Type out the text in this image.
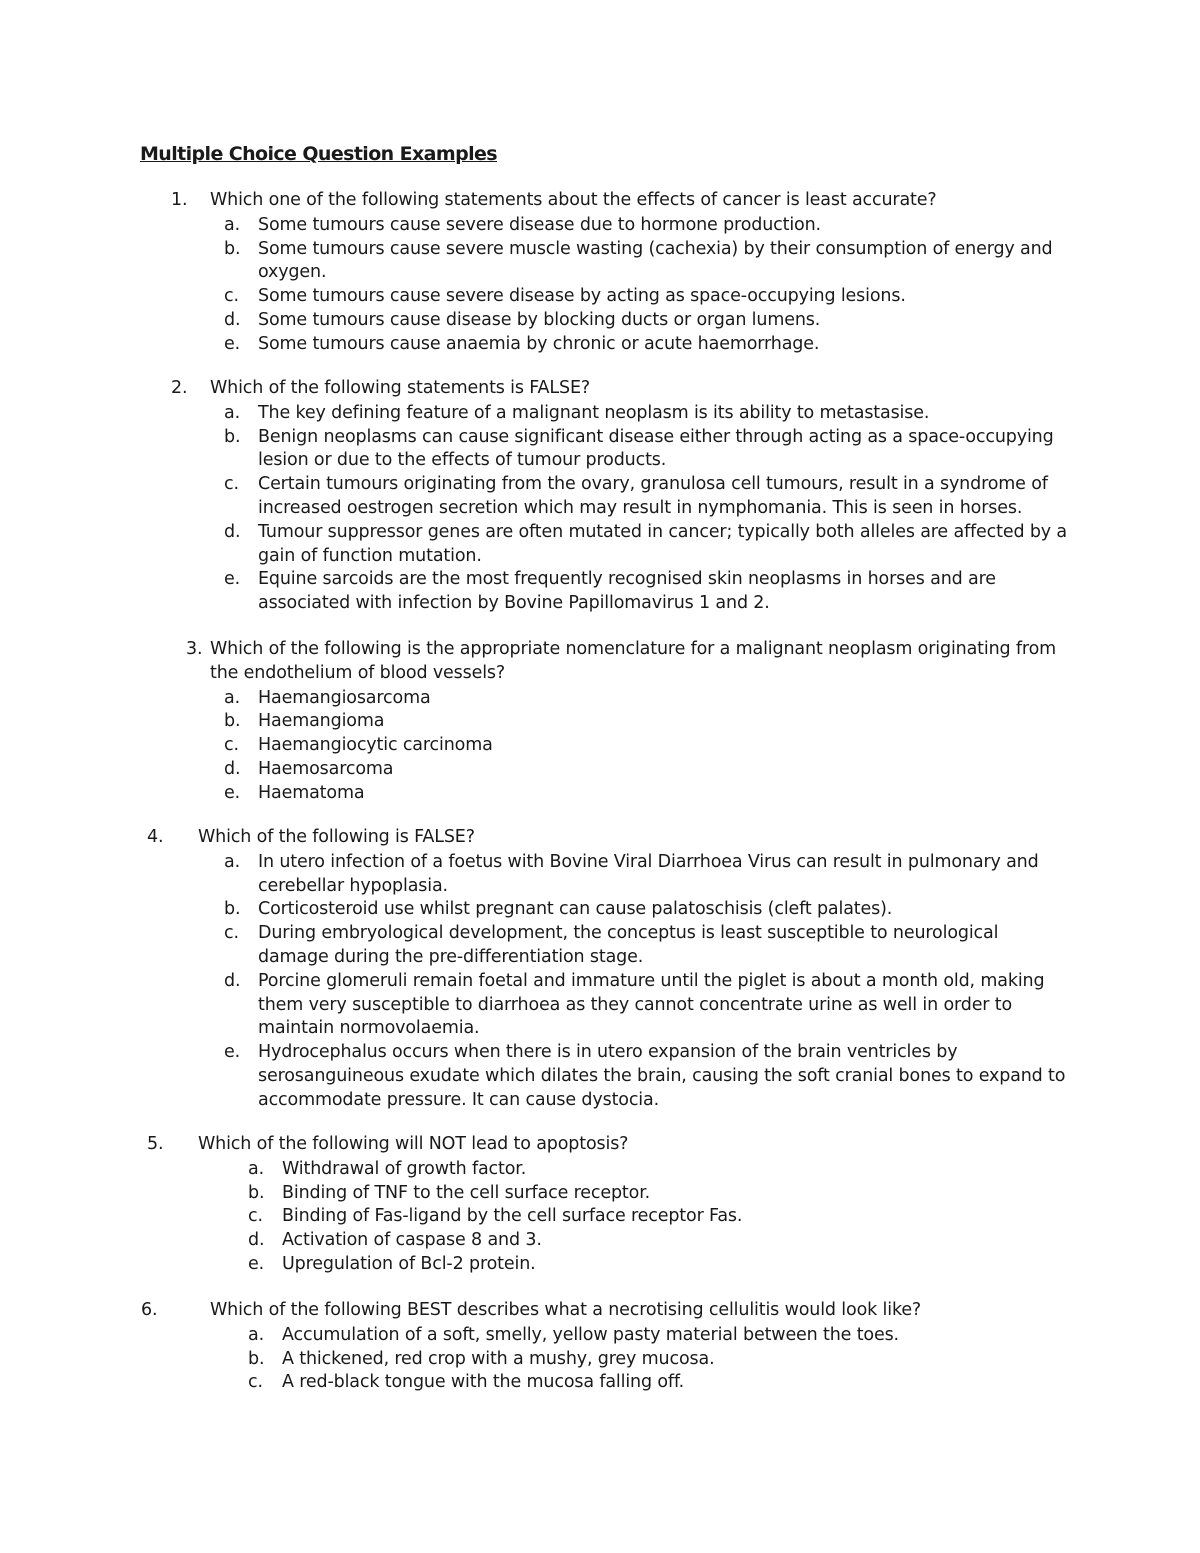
Multiple Choice Question Examples
1. Which one of the following statements about the effects of cancer is least accurate?
a. Some tumours cause severe disease due to hormone production.
b. Some tumours cause severe muscle wasting (cachexia) by their consumption of energy and oxygen.
c. Some tumours cause severe disease by acting as space-occupying lesions.
d. Some tumours cause disease by blocking ducts or organ lumens.
e. Some tumours cause anaemia by chronic or acute haemorrhage.
2. Which of the following statements is FALSE?
a. The key defining feature of a malignant neoplasm is its ability to metastasise.
b. Benign neoplasms can cause significant disease either through acting as a space-occupying lesion or due to the effects of tumour products.
c. Certain tumours originating from the ovary, granulosa cell tumours, result in a syndrome of increased oestrogen secretion which may result in nymphomania. This is seen in horses.
d. Tumour suppressor genes are often mutated in cancer; typically both alleles are affected by a gain of function mutation.
e. Equine sarcoids are the most frequently recognised skin neoplasms in horses and are associated with infection by Bovine Papillomavirus 1 and 2.
3. Which of the following is the appropriate nomenclature for a malignant neoplasm originating from the endothelium of blood vessels?
a. Haemangiosarcoma
b. Haemangioma
c. Haemangiocytic carcinoma
d. Haemosarcoma
e. Haematoma
4. Which of the following is FALSE?
a. In utero infection of a foetus with Bovine Viral Diarrhoea Virus can result in pulmonary and cerebellar hypoplasia.
b. Corticosteroid use whilst pregnant can cause palatoschisis (cleft palates).
c. During embryological development, the conceptus is least susceptible to neurological damage during the pre-differentiation stage.
d. Porcine glomeruli remain foetal and immature until the piglet is about a month old, making them very susceptible to diarrhoea as they cannot concentrate urine as well in order to maintain normovolaemia.
e. Hydrocephalus occurs when there is in utero expansion of the brain ventricles by serosanguineous exudate which dilates the brain, causing the soft cranial bones to expand to accommodate pressure. It can cause dystocia.
5. Which of the following will NOT lead to apoptosis?
a. Withdrawal of growth factor.
b. Binding of TNF to the cell surface receptor.
c. Binding of Fas-ligand by the cell surface receptor Fas.
d. Activation of caspase 8 and 3.
e. Upregulation of Bcl-2 protein.
6.	Which of the following BEST describes what a necrotising cellulitis would look like?
a. Accumulation of a soft, smelly, yellow pasty material between the toes.
b. A thickened, red crop with a mushy, grey mucosa.
c. A red-black tongue with the mucosa falling off.
